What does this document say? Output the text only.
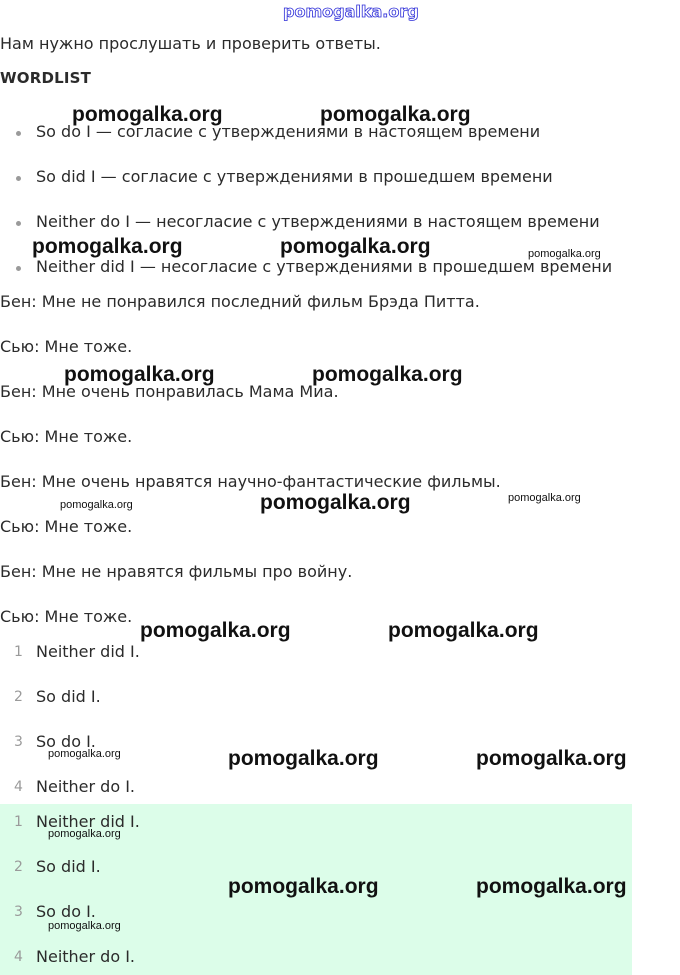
pomogalka.org
Нам нужно прослушать и проверить ответы.
WORDLIST
So do I — согласие с утверждениями в настоящем времени
So did I — согласие с утверждениями в прошедшем времени
Neither do I — несогласие с утверждениями в настоящем времени
Neither did I — несогласие с утверждениями в прошедшем времени
Бен: Мне не понравился последний фильм Брэда Питта.
Сью: Мне тоже.
Бен: Мне очень понравилась Мама Миа.
Сью: Мне тоже.
Бен: Мне очень нравятся научно-фантастические фильмы.
Сью: Мне тоже.
Бен: Мне не нравятся фильмы про войну.
Сью: Мне тоже.
1 Neither did I.
2 So did I.
3 So do I.
4 Neither do I.
1 Neither did I.
2 So did I.
3 So do I.
4 Neither do I.
pomogalka.org	pomogalka.org
pomogalka.org	pomogalka.org	pomogalka.org
pomogalka.org	pomogalka.org
pomogalka.org
pomogalka.org
pomogalka.org
pomogalka.org	pomogalka.org
pomogalka.org	pomogalka.org
pomogalka.org
pomogalka.org
pomogalka.org	pomogalka.org
pomogalka.org
